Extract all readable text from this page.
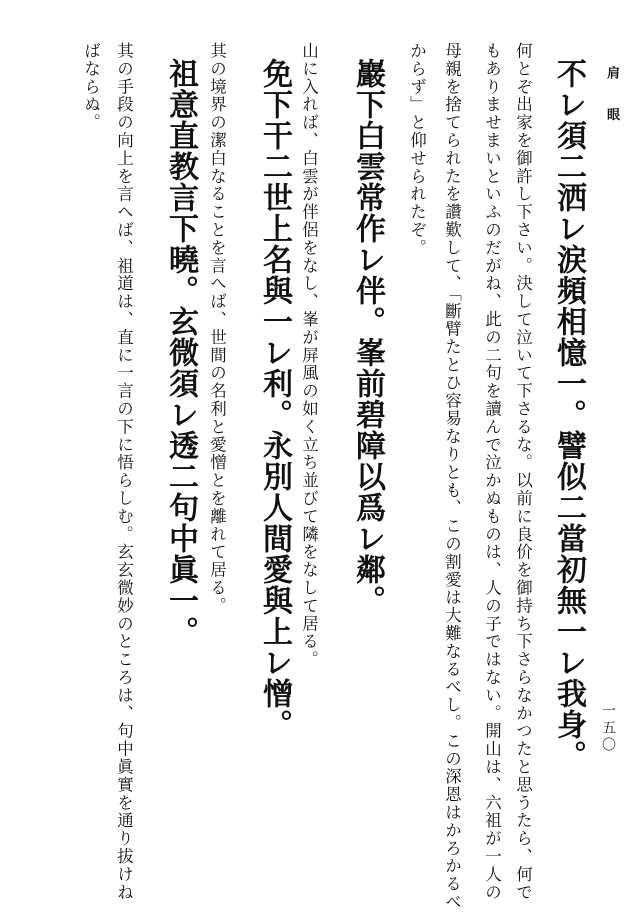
肩 眼
一五〇
何とぞ出家を御許し下さい。決して泣いて下さるな。以前に良价を御持ち下さらなかつたと思うたら、何で
もありませまいといふのだがね、此の二句を讀んで泣かぬものは、人の子ではない。開山は、六祖が一人の
母親を捨てられたを讚歎して、「斷臂たとひ容易なりとも、この割愛は大難なるべし。この深恩はかろかるべ
からず」と仰せられたぞ。	不レ須二洒レ涙頻相憶一。譬似二當初無一レ我身。
巖下白雲常作レ伴。峯前碧障以爲レ鄰。
山に入れば、白雲が伴侶をなし、峯が屏風の如く立ち並びて隣をなして居る。
免下干二世上名與一レ利。永別人間愛與上レ憎。
其の境界の潔白なることを言へば、世間の名利と愛憎とを離れて居る。
祖意直教言下曉。玄微須レ透二句中眞一。
其の手段の向上を言へば、祖道は、直に一言の下に悟らしむ。玄玄微妙のところは、句中眞實を通り拔けね
ばならぬ。
